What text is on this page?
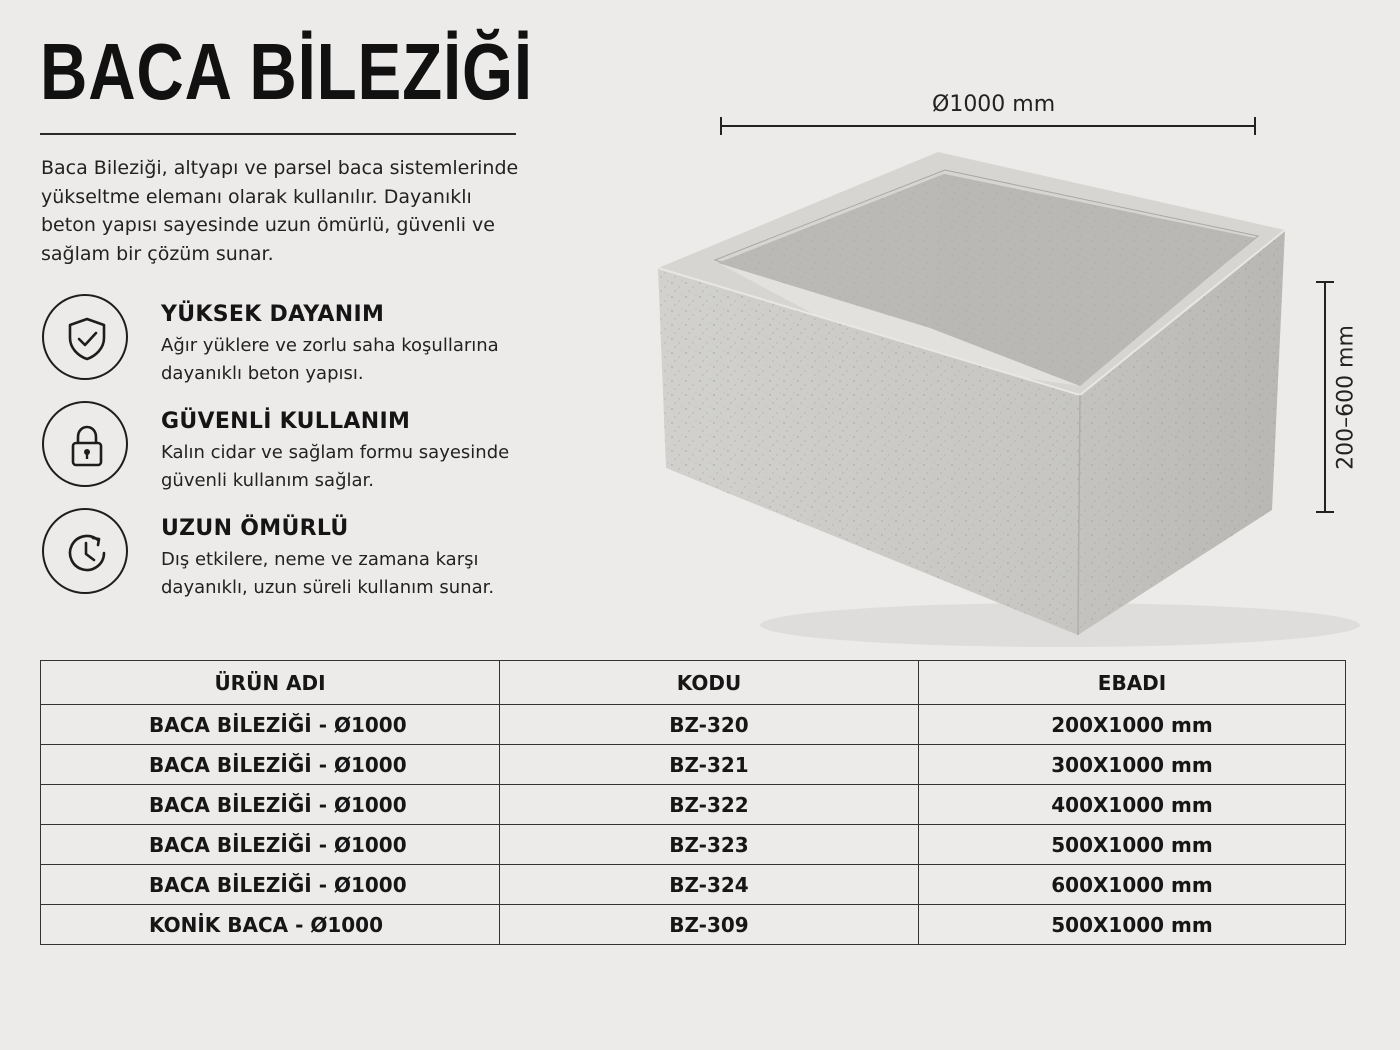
BACA BİLEZİĞİ
Baca Bileziği, altyapı ve parsel baca sistemlerinde yükseltme elemanı olarak kullanılır. Dayanıklı beton yapısı sayesinde uzun ömürlü, güvenli ve sağlam bir çözüm sunar.
YÜKSEK DAYANIM
Ağır yüklere ve zorlu saha koşullarına dayanıklı beton yapısı.
GÜVENLİ KULLANIM
Kalın cidar ve sağlam formu sayesinde güvenli kullanım sağlar.
UZUN ÖMÜRLÜ
Dış etkilere, neme ve zamana karşı dayanıklı, uzun süreli kullanım sunar.
Ø1000 mm
200–600 mm
ÜRÜN ADI	KODU	EBADI
BACA BİLEZİĞİ - Ø1000	BZ-320	200X1000 mm
BACA BİLEZİĞİ - Ø1000	BZ-321	300X1000 mm
BACA BİLEZİĞİ - Ø1000	BZ-322	400X1000 mm
BACA BİLEZİĞİ - Ø1000	BZ-323	500X1000 mm
BACA BİLEZİĞİ - Ø1000	BZ-324	600X1000 mm
KONİK BACA - Ø1000	BZ-309	500X1000 mm
